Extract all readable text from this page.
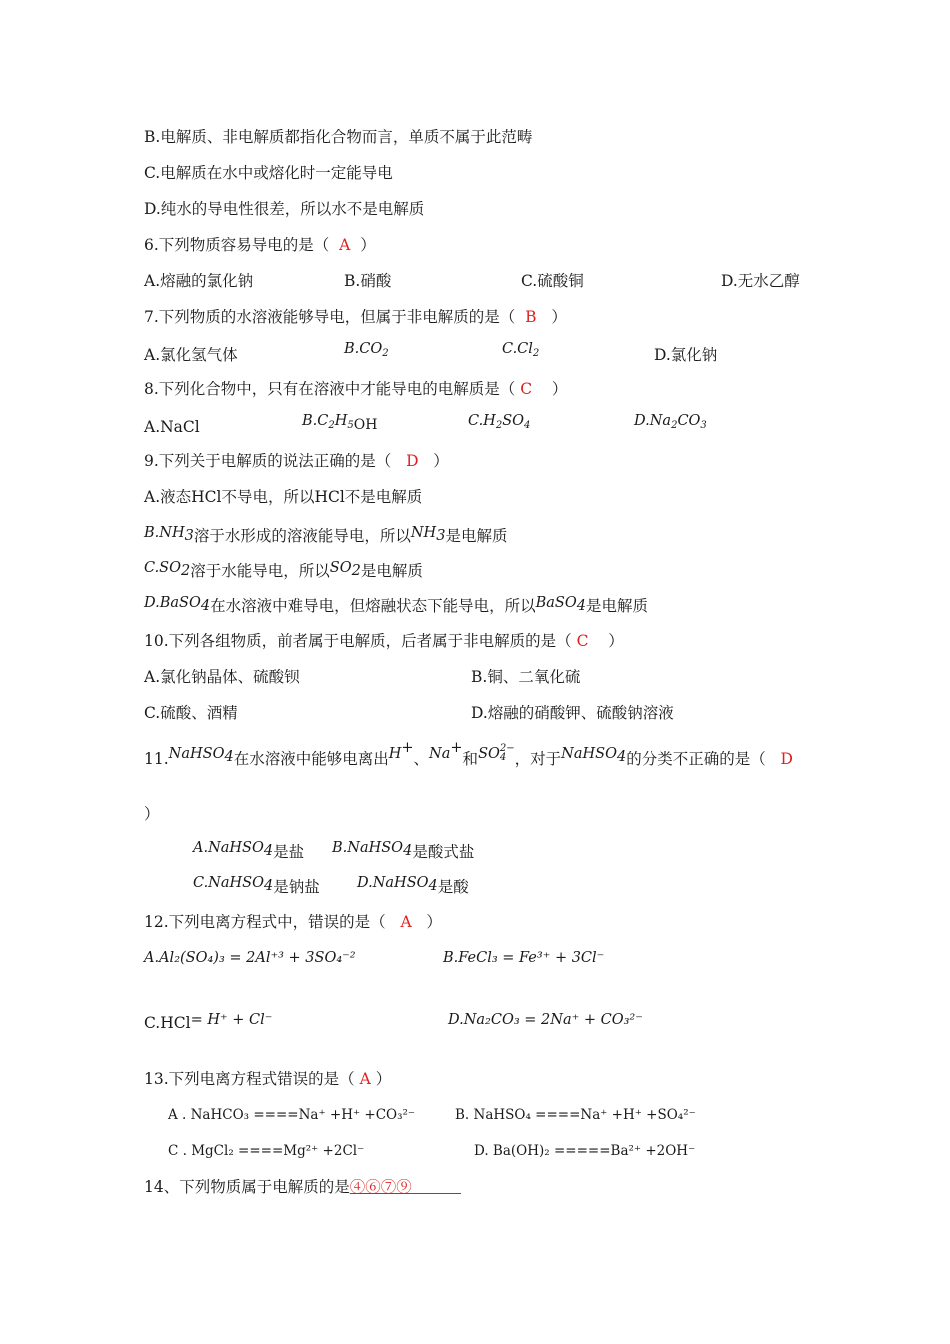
B.电解质、非电解质都指化合物而言，单质不属于此范畴
C.电解质在水中或熔化时一定能导电
D.纯水的导电性很差，所以水不是电解质
6.下列物质容易导电的是（ A ）
A.熔融的氯化钠	B.硝酸	C.硫酸铜	D.无水乙醇
7.下列物质的水溶液能够导电，但属于非电解质的是（ B ）
A.氯化氢气体	$B.CO_2$	$C.Cl_2$	D.氯化钠
8.下列化合物中，只有在溶液中才能导电的电解质是（ C ）
A.NaCl	$B.C_2H_5OH$	$C.H_2SO_4$	$D.Na_2CO_3$
9.下列关于电解质的说法正确的是（ D ）
A.液态HCl不导电，所以HCl不是电解质
$B.NH_3$溶于水形成的溶液能导电，所以$NH_3$是电解质
$C.SO_2$溶于水能导电，所以$SO_2$是电解质
D.BaSO$_4$在水溶液中难导电，但熔融状态下能导电，所以BaSO$_4$是电解质
10.下列各组物质，前者属于电解质，后者属于非电解质的是（ C ）
A.氯化钠晶体、硫酸钡	B.铜、二氧化硫
C.硫酸、酒精	D.熔融的硝酸钾、硫酸钠溶液
11.NaHSO$_4$在水溶液中能够电离出H+、Na+和SO 2−
4 ，对于NaHSO$_4$的分类不正确的是（ D
）
A.NaHSO$_4$是盐 B.NaHSO$_4$是酸式盐
C.NaHSO$_4$是钠盐	D.NaHSO$_4$是酸
12.下列电离方程式中，错误的是（ A ）
A.Al₂(SO₄)₃ = 2Al⁺³ + 3SO₄⁻²	B.FeCl₃ = Fe³⁺ + 3Cl⁻
C.HCl= H⁺ + Cl⁻	D.Na₂CO₃ = 2Na⁺ + CO₃²⁻
13.下列电离方程式错误的是（ A ）
A . NaHCO₃ ====Na⁺ +H⁺ +CO₃²⁻	B. NaHSO₄ ====Na⁺ +H⁺ +SO₄²⁻
C . MgCl₂ ====Mg²⁺ +2Cl⁻	D. Ba(OH)₂ =====Ba²⁺ +2OH⁻
14、下列物质属于电解质的是④⑥⑦⑨
